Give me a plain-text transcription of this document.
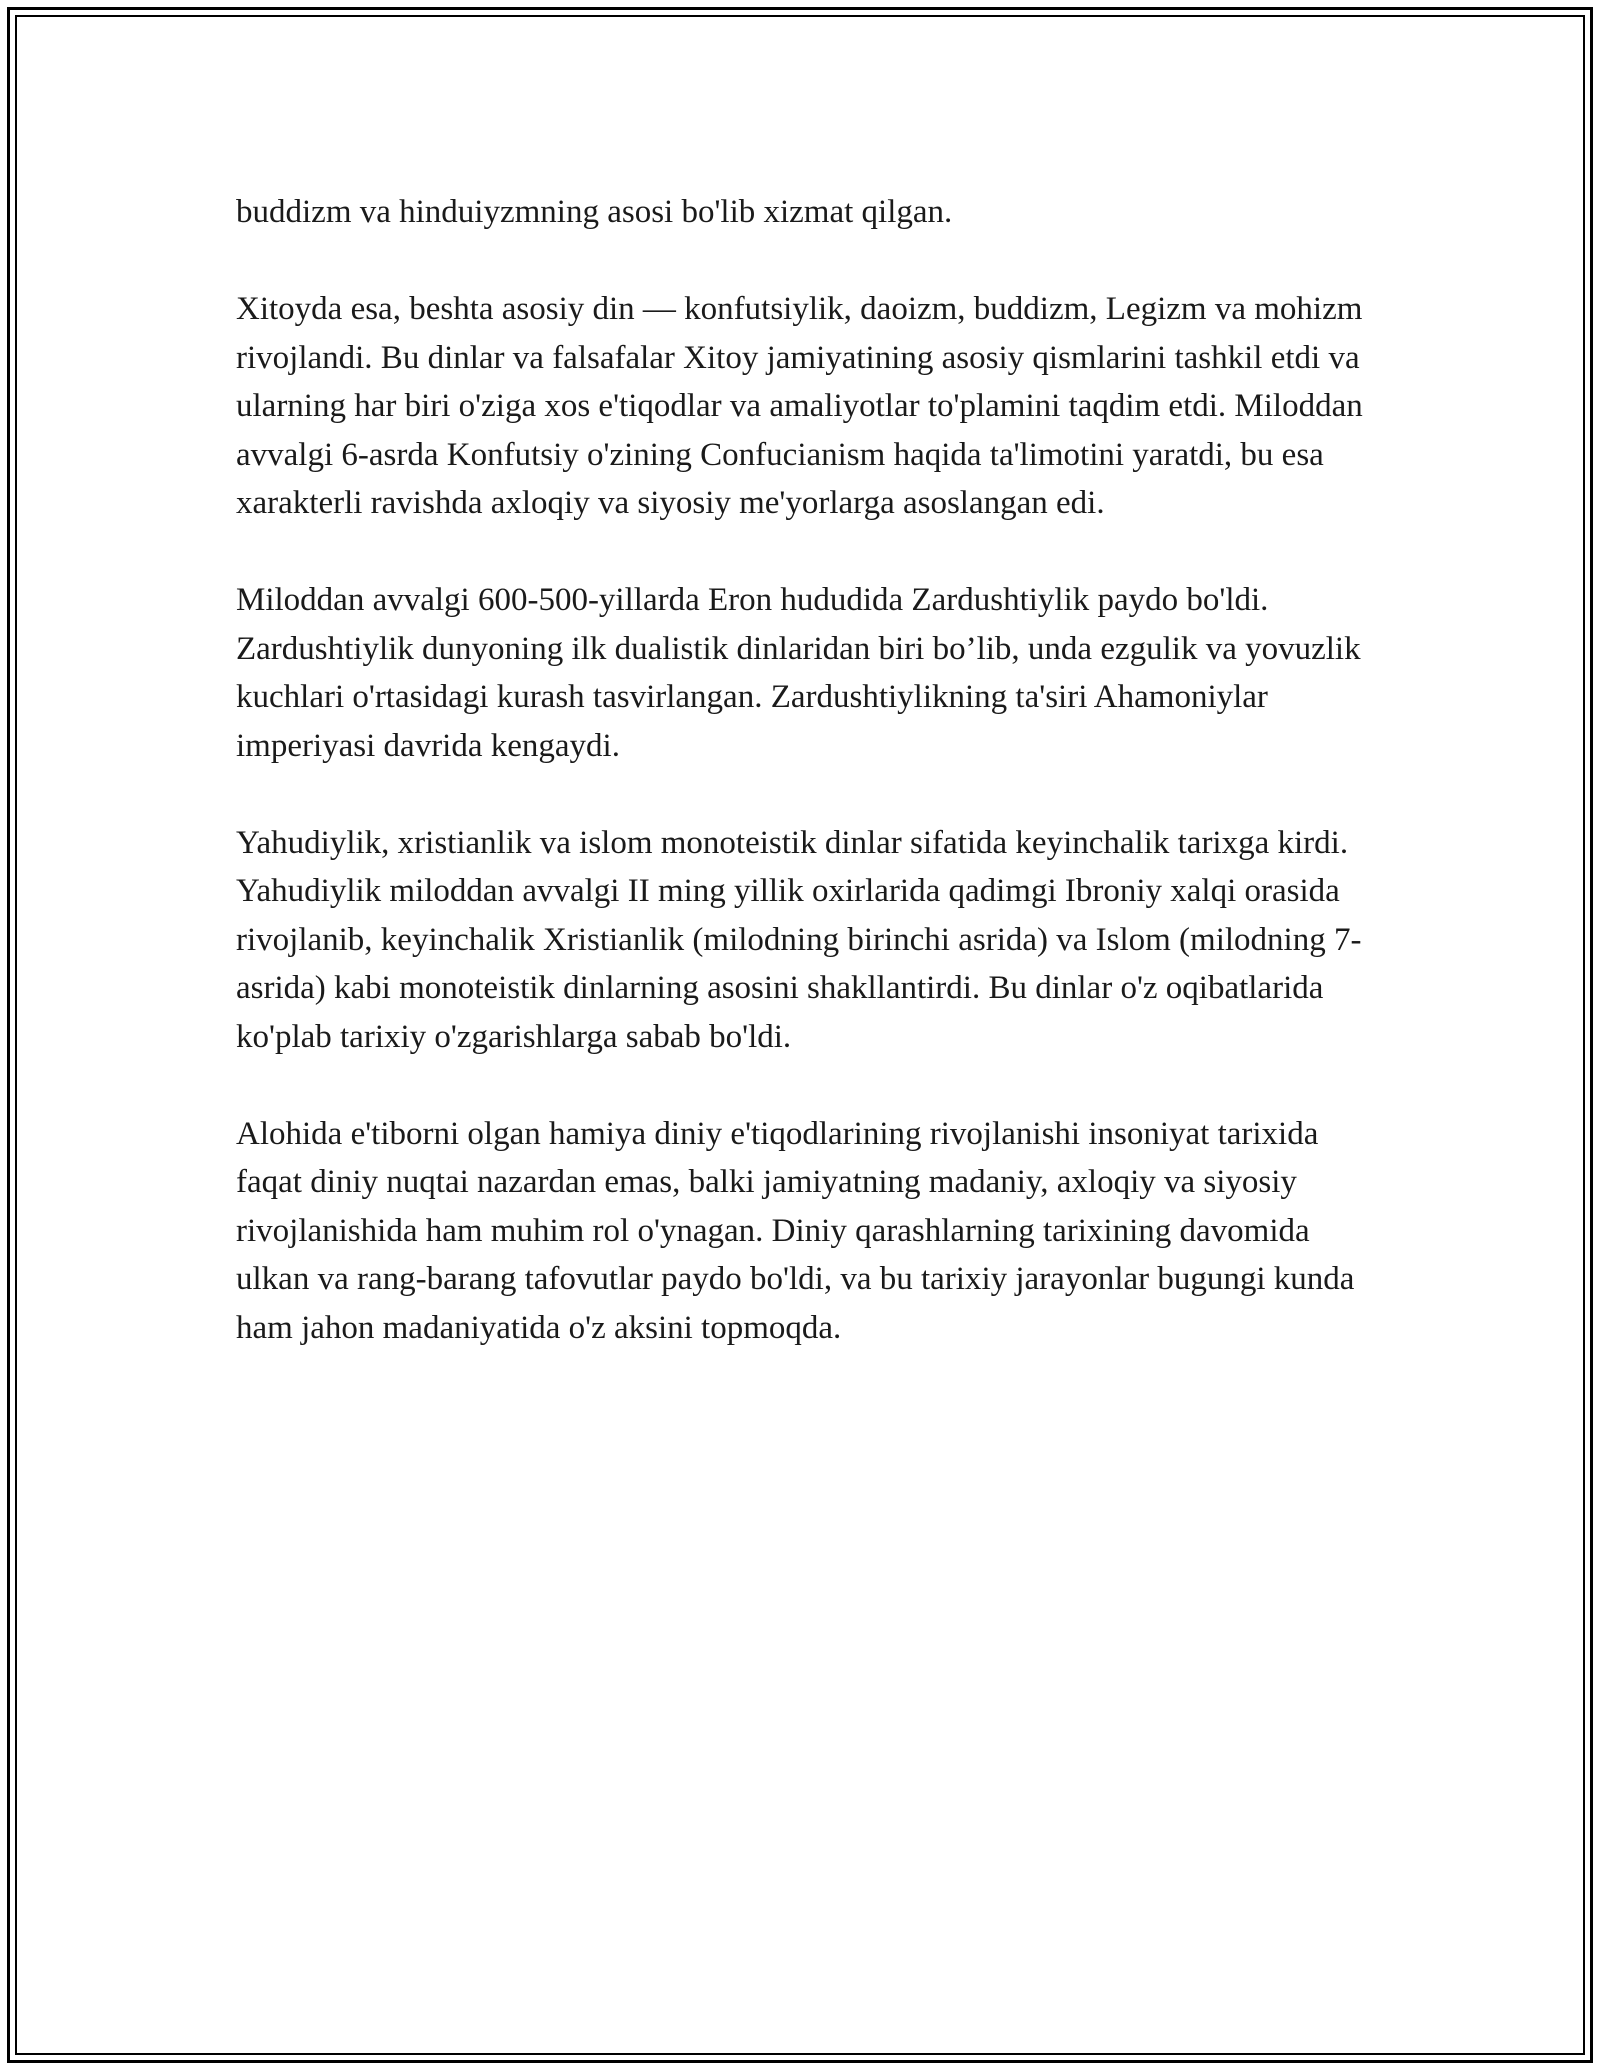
buddizm va hinduiyzmning asosi bo'lib xizmat qilgan.

Xitoyda esa, beshta asosiy din — konfutsiylik, daoizm, buddizm, Legizm va mohizm rivojlandi. Bu dinlar va falsafalar Xitoy jamiyatining asosiy qismlarini tashkil etdi va ularning har biri o'ziga xos e'tiqodlar va amaliyotlar to'plamini taqdim etdi. Miloddan avvalgi 6-asrda Konfutsiy o'zining Confucianism haqida ta'limotini yaratdi, bu esa xarakterli ravishda axloqiy va siyosiy me'yorlarga asoslangan edi.

Miloddan avvalgi 600-500-yillarda Eron hududida Zardushtiylik paydo bo'ldi. Zardushtiylik dunyoning ilk dualistik dinlaridan biri bo’lib, unda ezgulik va yovuzlik kuchlari o'rtasidagi kurash tasvirlangan. Zardushtiylikning ta'siri Ahamoniylar imperiyasi davrida kengaydi.

Yahudiylik, xristianlik va islom monoteistik dinlar sifatida keyinchalik tarixga kirdi. Yahudiylik miloddan avvalgi II ming yillik oxirlarida qadimgi Ibroniy xalqi orasida rivojlanib, keyinchalik Xristianlik (milodning birinchi asrida) va Islom (milodning 7-asrida) kabi monoteistik dinlarning asosini shakllantirdi. Bu dinlar o'z oqibatlarida ko'plab tarixiy o'zgarishlarga sabab bo'ldi.

Alohida e'tiborni olgan hamiya diniy e'tiqodlarining rivojlanishi insoniyat tarixida faqat diniy nuqtai nazardan emas, balki jamiyatning madaniy, axloqiy va siyosiy rivojlanishida ham muhim rol o'ynagan. Diniy qarashlarning tarixining davomida ulkan va rang-barang tafovutlar paydo bo'ldi, va bu tarixiy jarayonlar bugungi kunda ham jahon madaniyatida o'z aksini topmoqda.
